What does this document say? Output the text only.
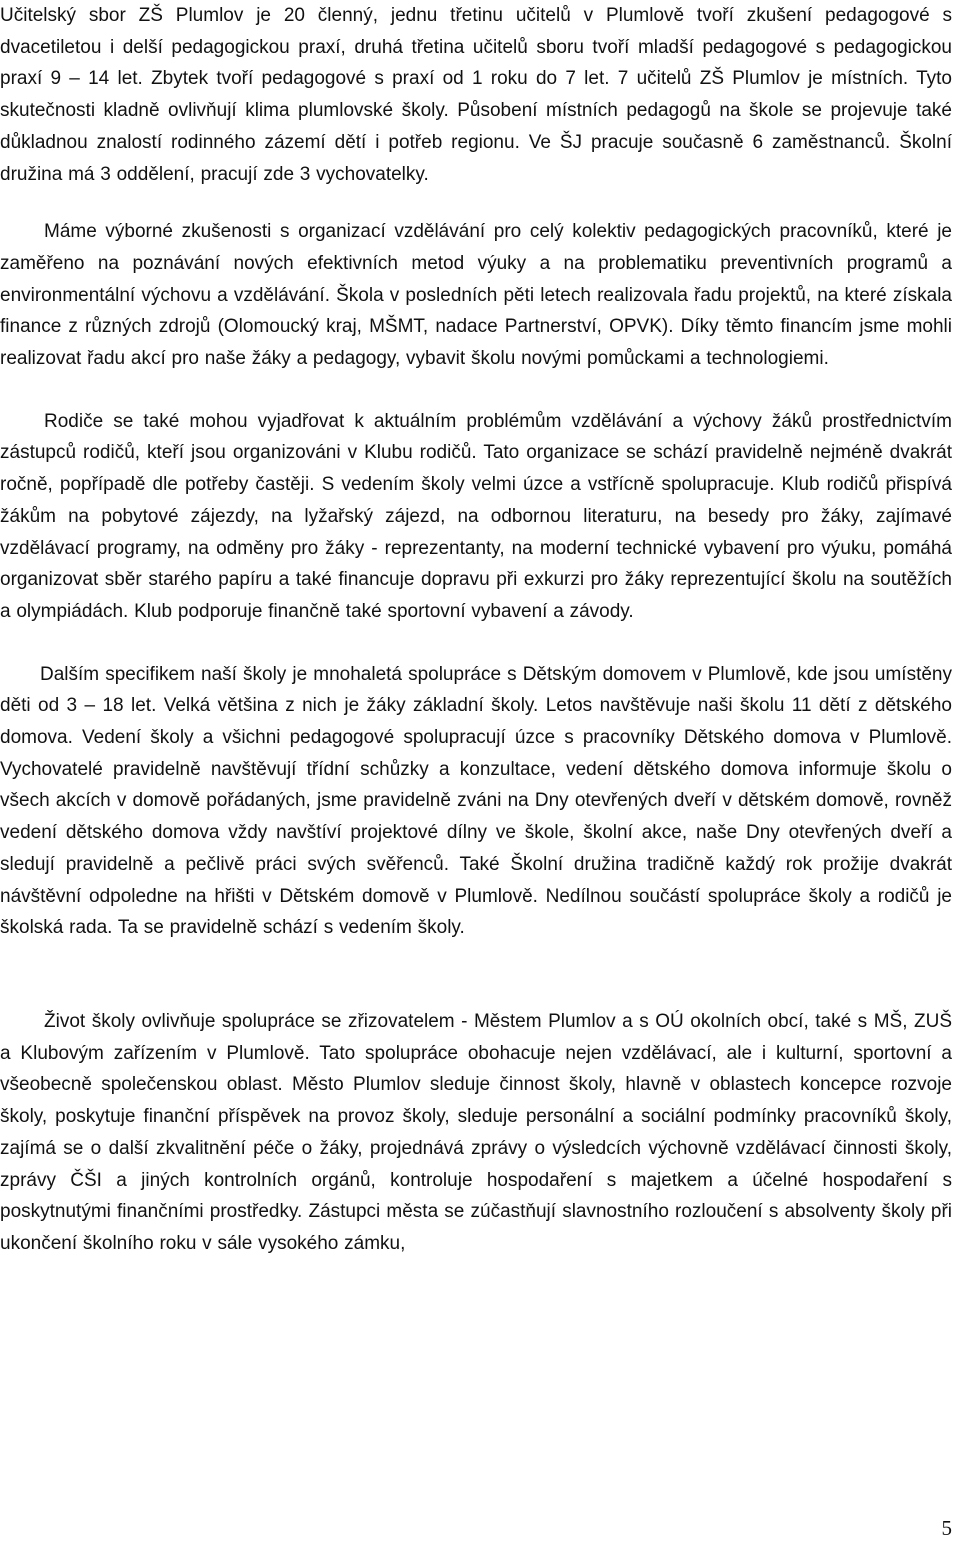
Učitelský sbor ZŠ Plumlov je 20 členný, jednu třetinu učitelů v Plumlově tvoří zkušení pedagogové s dvacetiletou i delší pedagogickou praxí, druhá třetina učitelů sboru tvoří mladší pedagogové s pedagogickou praxí 9 – 14 let. Zbytek tvoří pedagogové s praxí od 1 roku do 7 let. 7 učitelů ZŠ Plumlov je místních. Tyto skutečnosti kladně ovlivňují klima plumlovské školy. Působení místních pedagogů na škole se projevuje také důkladnou znalostí rodinného zázemí dětí i potřeb regionu. Ve ŠJ pracuje současně 6 zaměstnanců. Školní družina má 3 oddělení, pracují zde 3 vychovatelky.

Máme výborné zkušenosti s organizací vzdělávání pro celý kolektiv pedagogických pracovníků, které je zaměřeno na poznávání nových efektivních metod výuky a na problematiku preventivních programů a environmentální výchovu a vzdělávání. Škola v posledních pěti letech realizovala řadu projektů, na které získala finance z různých zdrojů (Olomoucký kraj, MŠMT, nadace Partnerství, OPVK). Díky těmto financím jsme mohli realizovat řadu akcí pro naše žáky a pedagogy, vybavit školu novými pomůckami a technologiemi.

Rodiče se také mohou vyjadřovat k aktuálním problémům vzdělávání a výchovy žáků prostřednictvím zástupců rodičů, kteří jsou organizováni v Klubu rodičů. Tato organizace se schází pravidelně nejméně dvakrát ročně, popřípadě dle potřeby častěji. S vedením školy velmi úzce a vstřícně spolupracuje. Klub rodičů přispívá žákům na pobytové zájezdy, na lyžařský zájezd, na odbornou literaturu, na besedy pro žáky, zajímavé vzdělávací programy, na odměny pro žáky - reprezentanty, na moderní technické vybavení pro výuku, pomáhá organizovat sběr starého papíru a také financuje dopravu při exkurzi pro žáky reprezentující školu na soutěžích a olympiádách. Klub podporuje finančně také sportovní vybavení a závody.

Dalším specifikem naší školy je mnohaletá spolupráce s Dětským domovem v Plumlově, kde jsou umístěny děti od 3 – 18 let. Velká většina z nich je žáky základní školy. Letos navštěvuje naši školu 11 dětí z dětského domova. Vedení školy a všichni pedagogové spolupracují úzce s pracovníky Dětského domova v Plumlově. Vychovatelé pravidelně navštěvují třídní schůzky a konzultace, vedení dětského domova informuje školu o všech akcích v domově pořádaných, jsme pravidelně zváni na Dny otevřených dveří v dětském domově, rovněž vedení dětského domova vždy navštíví projektové dílny ve škole, školní akce, naše Dny otevřených dveří a sledují pravidelně a pečlivě práci svých svěřenců. Také Školní družina tradičně každý rok prožije dvakrát návštěvní odpoledne na hřišti v Dětském domově v Plumlově. Nedílnou součástí spolupráce školy a rodičů je školská rada. Ta se pravidelně schází s vedením školy.

Život školy ovlivňuje spolupráce se zřizovatelem - Městem Plumlov a s OÚ okolních obcí, také s MŠ, ZUŠ a Klubovým zařízením v Plumlově. Tato spolupráce obohacuje nejen vzdělávací, ale i kulturní, sportovní a všeobecně společenskou oblast. Město Plumlov sleduje činnost školy, hlavně v oblastech koncepce rozvoje školy, poskytuje finanční příspěvek na provoz školy, sleduje personální a sociální podmínky pracovníků školy, zajímá se o další zkvalitnění péče o žáky, projednává zprávy o výsledcích výchovně vzdělávací činnosti školy, zprávy ČŠI a jiných kontrolních orgánů, kontroluje hospodaření s majetkem a účelné hospodaření s poskytnutými finančními prostředky. Zástupci města se zúčastňují slavnostního rozloučení s absolventy školy při ukončení školního roku v sále vysokého zámku,

5
